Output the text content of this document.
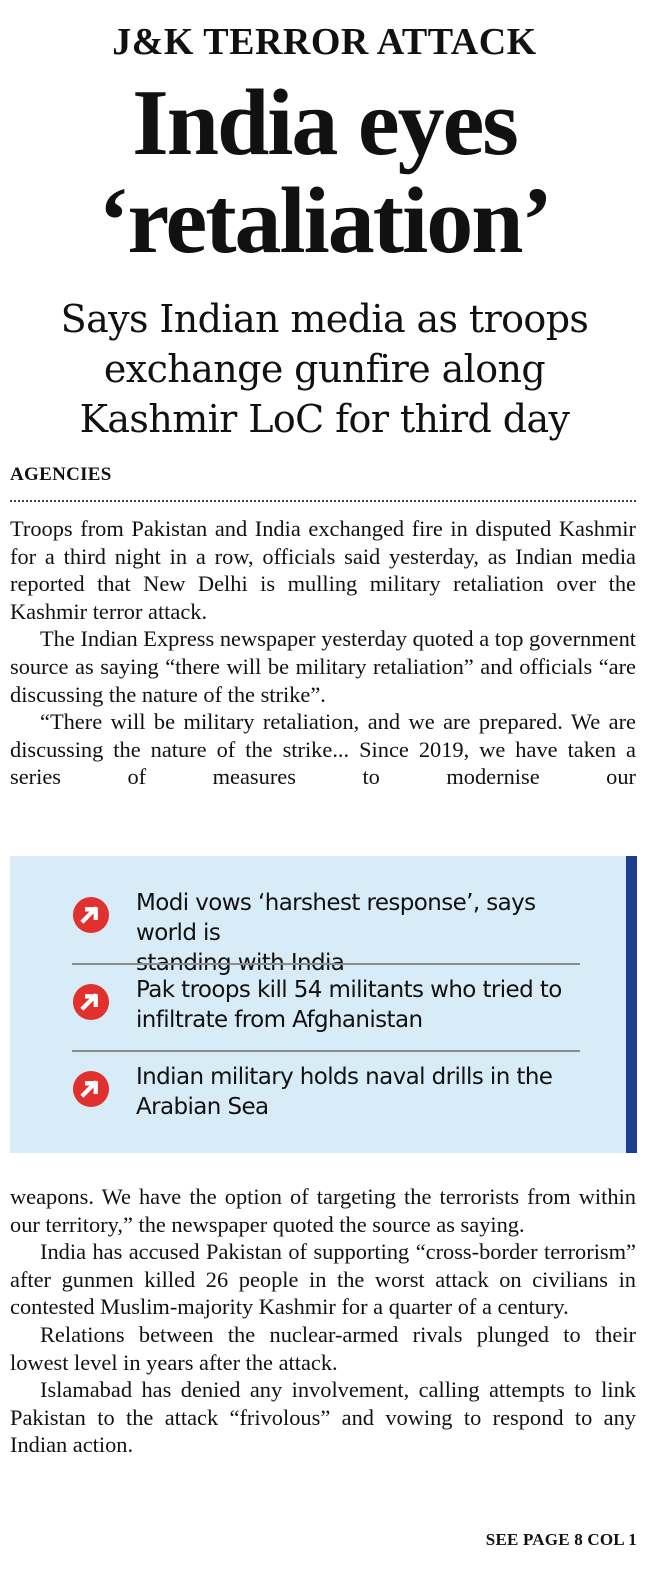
J&K TERROR ATTACK
India eyes
‘retaliation’
Says Indian media as troops
exchange gunfire along
Kashmir LoC for third day
AGENCIES

Troops from Pakistan and India exchanged fire in disputed Kashmir for a third night in a row, officials said yesterday, as Indian media reported that New Delhi is mulling military retaliation over the Kashmir terror attack.

The Indian Express newspaper yesterday quoted a top government source as saying “there will be military retaliation” and officials “are discussing the nature of the strike”.

“There will be military retaliation, and we are prepared. We are discussing the nature of the strike... Since 2019, we have taken a series of measures to modernise our

Modi vows ‘harshest response’, says world is
standing with India
Pak troops kill 54 militants who tried to
infiltrate from Afghanistan
Indian military holds naval drills in the
Arabian Sea

weapons. We have the option of targeting the terrorists from within our territory,” the newspaper quoted the source as saying.

India has accused Pakistan of supporting “cross-border terrorism” after gunmen killed 26 people in the worst attack on civilians in contested Muslim-majority Kashmir for a quarter of a century.

Relations between the nuclear-armed rivals plunged to their lowest level in years after the attack.

Islamabad has denied any involvement, calling attempts to link Pakistan to the attack “frivolous” and vowing to respond to any Indian action.

SEE PAGE 8 COL 1
